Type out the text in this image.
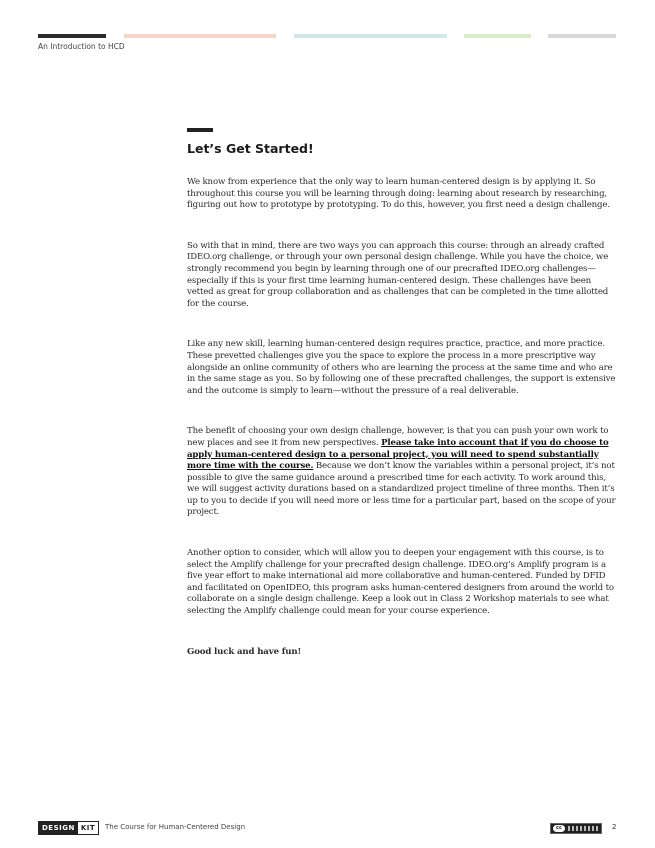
An Introduction to HCD

Let’s Get Started!

We know from experience that the only way to learn human-centered design is by applying it. So throughout this course you will be learning through doing: learning about research by researching, figuring out how to prototype by prototyping. To do this, however, you first need a design challenge.

So with that in mind, there are two ways you can approach this course: through an already crafted IDEO.org challenge, or through your own personal design challenge. While you have the choice, we strongly recommend you begin by learning through one of our precrafted IDEO.org challenges—especially if this is your first time learning human-centered design. These challenges have been vetted as great for group collaboration and as challenges that can be completed in the time allotted for the course.

Like any new skill, learning human-centered design requires practice, practice, and more practice. These prevetted challenges give you the space to explore the process in a more prescriptive way alongside an online community of others who are learning the process at the same time and who are in the same stage as you. So by following one of these precrafted challenges, the support is extensive and the outcome is simply to learn—without the pressure of a real deliverable.

The benefit of choosing your own design challenge, however, is that you can push your own work to new places and see it from new perspectives. Please take into account that if you do choose to apply human-centered design to a personal project, you will need to spend substantially more time with the course. Because we don’t know the variables within a personal project, it’s not possible to give the same guidance around a prescribed time for each activity. To work around this, we will suggest activity durations based on a standardized project timeline of three months. Then it’s up to you to decide if you will need more or less time for a particular part, based on the scope of your project.

Another option to consider, which will allow you to deepen your engagement with this course, is to select the Amplify challenge for your precrafted design challenge. IDEO.org’s Amplify program is a five year effort to make international aid more collaborative and human-centered. Funded by DFID and facilitated on OpenIDEO, this program asks human-centered designers from around the world to collaborate on a single design challenge. Keep a look out in Class 2 Workshop materials to see what selecting the Amplify challenge could mean for your course experience.

Good luck and have fun!

DESIGN KIT	The Course for Human-Centered Design	cc	2
